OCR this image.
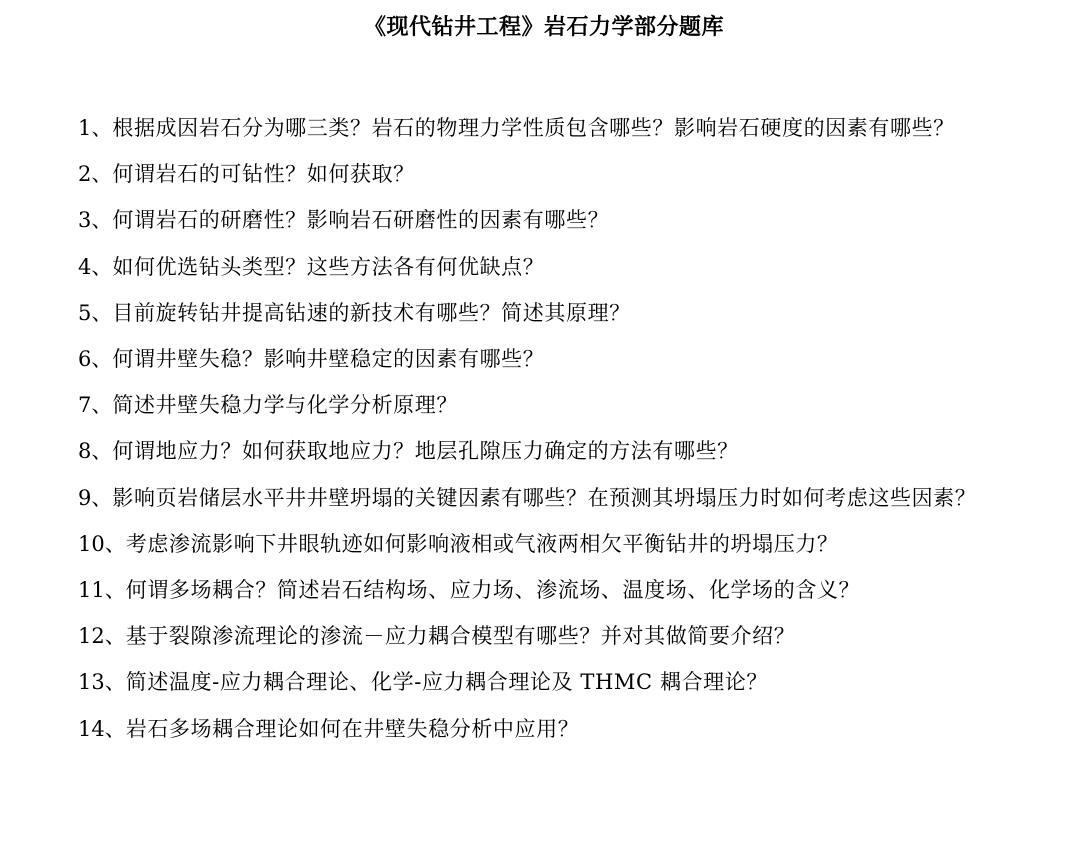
《现代钻井工程》岩石力学部分题库
1、根据成因岩石分为哪三类？岩石的物理力学性质包含哪些？影响岩石硬度的因素有哪些？
2、何谓岩石的可钻性？如何获取？
3、何谓岩石的研磨性？影响岩石研磨性的因素有哪些？
4、如何优选钻头类型？这些方法各有何优缺点？
5、目前旋转钻井提高钻速的新技术有哪些？简述其原理？
6、何谓井壁失稳？影响井壁稳定的因素有哪些？
7、简述井壁失稳力学与化学分析原理？
8、何谓地应力？如何获取地应力？地层孔隙压力确定的方法有哪些？
9、影响页岩储层水平井井壁坍塌的关键因素有哪些？在预测其坍塌压力时如何考虑这些因素？
10、考虑渗流影响下井眼轨迹如何影响液相或气液两相欠平衡钻井的坍塌压力？
11、何谓多场耦合？简述岩石结构场、应力场、渗流场、温度场、化学场的含义？
12、基于裂隙渗流理论的渗流－应力耦合模型有哪些？并对其做简要介绍？
13、简述温度-应力耦合理论、化学-应力耦合理论及 THMC 耦合理论？
14、岩石多场耦合理论如何在井壁失稳分析中应用？
